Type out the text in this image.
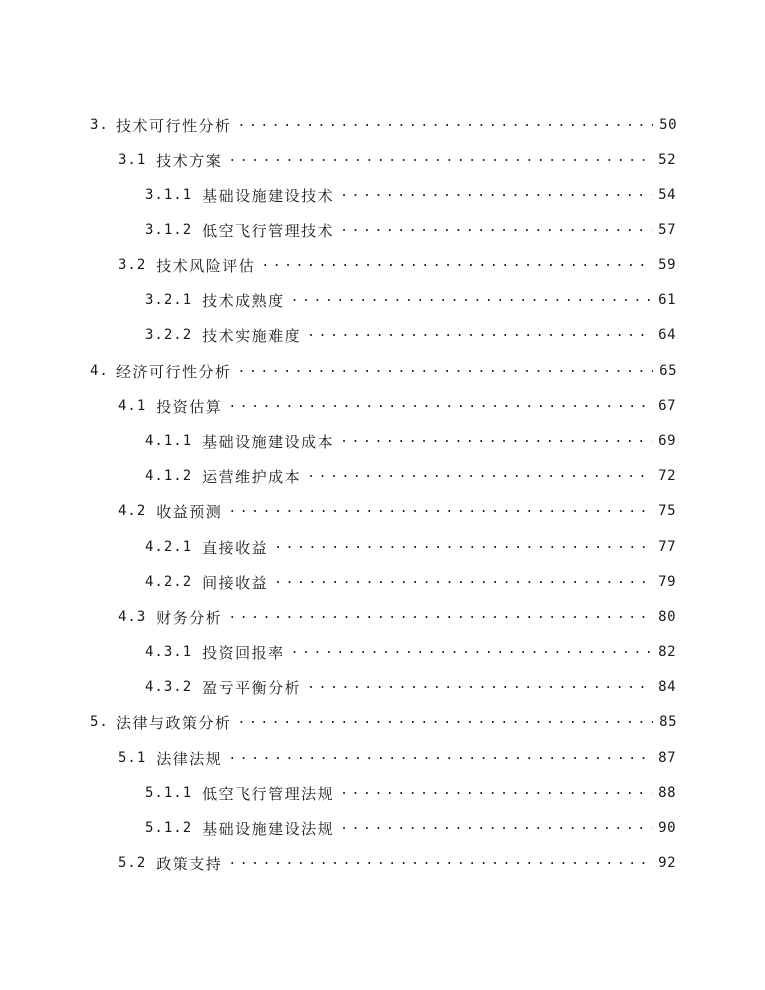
3. 技术可行性分析 .....	50
3.1 技术方案 .....	52
3.1.1 基础设施建设技术 .....	54
3.1.2 低空飞行管理技术 .....	57
3.2 技术风险评估 .....	59
3.2.1 技术成熟度 .....	61
3.2.2 技术实施难度 .....	64
4. 经济可行性分析 .....	65
4.1 投资估算 .....	67
4.1.1 基础设施建设成本 .....	69
4.1.2 运营维护成本 .....	72
4.2 收益预测 .....	75
4.2.1 直接收益 .....	77
4.2.2 间接收益 .....	79
4.3 财务分析 .....	80
4.3.1 投资回报率 .....	82
4.3.2 盈亏平衡分析 .....	84
5. 法律与政策分析 .....	85
5.1 法律法规 .....	87
5.1.1 低空飞行管理法规 .....	88
5.1.2 基础设施建设法规 .....	90
5.2 政策支持 .....	92
